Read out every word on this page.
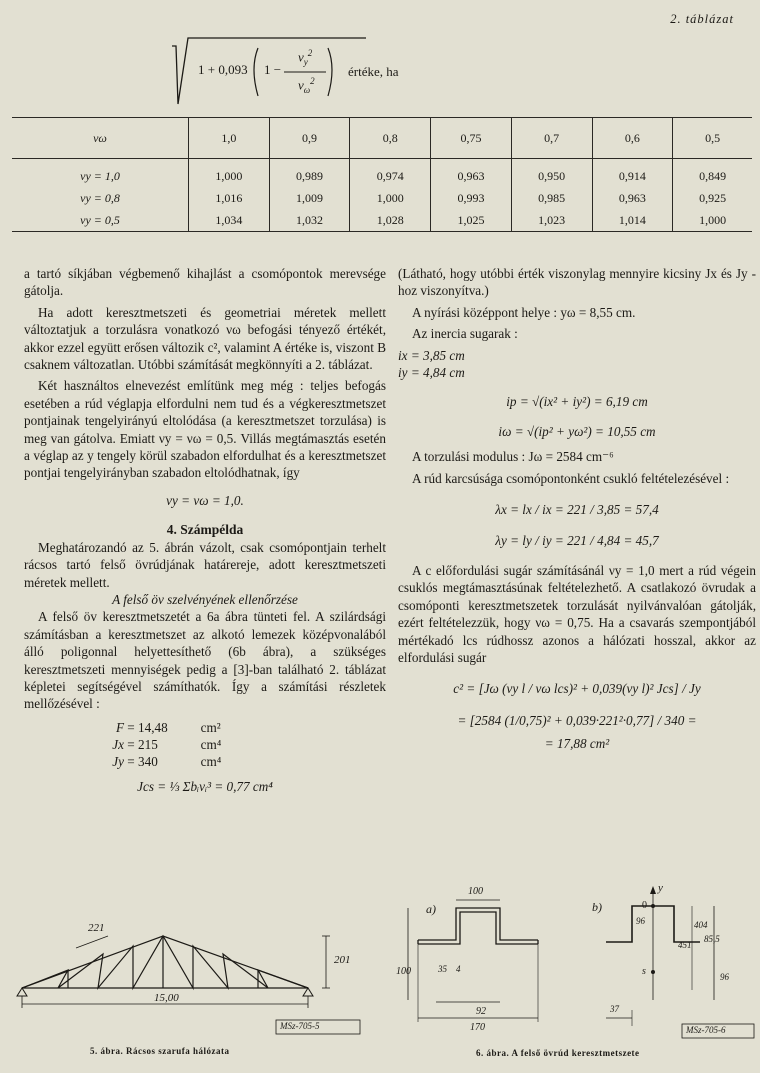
2. táblázat
1 + 0,093 1 −
$\nu_y^2$
$\nu_\omega^2$
értéke, ha
νω	1,0	0,9	0,8	0,75	0,7	0,6	0,5
νy = 1,0	1,000	0,989	0,974	0,963	0,950	0,914	0,849
νy = 0,8	1,016	1,009	1,000	0,993	0,985	0,963	0,925
νy = 0,5	1,034	1,032	1,028	1,025	1,023	1,014	1,000

a tartó síkjában végbemenő kihajlást a csomópontok merevsége gátolja.

Ha adott keresztmetszeti és geometriai méretek mellett változtatjuk a torzulásra vonatkozó νω befogási tényező értékét, akkor ezzel együtt erősen változik c², valamint A értéke is, viszont B csaknem változatlan. Utóbbi számítását megkönnyíti a 2. táblázat.

Két használtos elnevezést említünk meg még : teljes befogás esetében a rúd véglapja elfordulni nem tud és a végkeresztmetszet pontjainak tengelyirányú eltolódása (a keresztmetszet torzulása) is meg van gátolva. Emiatt νy = νω = 0,5. Villás megtámasztás esetén a véglap az y tengely körül szabadon elfordulhat és a keresztmetszet pontjai tengelyirányban szabadon eltolódhatnak, így

νy = νω = 1,0.

4. Számpélda

Meghatározandó az 5. ábrán vázolt, csak csomópontjain terhelt rácsos tartó felső övrúdjának határereje, adott keresztmetszeti méretek mellett.

A felső öv szelvényének ellenőrzése

A felső öv keresztmetszetét a 6a ábra tünteti fel. A szilárdsági számításban a keresztmetszet az alkotó lemezek középvonalából álló poligonnal helyettesíthető (6b ábra), a szükséges keresztmetszeti mennyiségek pedig a [3]-ban található 2. táblázat képletei segítségével számíthatók. Így a számítási részletek mellőzésével :

F = 14,48 cm²
Jx = 215	cm⁴
Jy = 340	cm⁴

Jcs = ⅓ Σbᵢvᵢ³ = 0,77 cm⁴

(Látható, hogy utóbbi érték viszonylag mennyire kicsiny Jx és Jy -hoz viszonyítva.)

A nyírási középpont helye : yω = 8,55 cm.

Az inercia sugarak :

ix = 3,85 cm

iy = 4,84 cm

ip = √(ix² + iy²) = 6,19 cm

iω = √(ip² + yω²) = 10,55 cm

A torzulási modulus : Jω = 2584 cm⁻⁶

A rúd karcsúsága csomópontonként csukló feltételezésével :

λx = lx / ix = 221 / 3,85 = 57,4

λy = ly / iy = 221 / 4,84 = 45,7

A c előfordulási sugár számításánál νy = 1,0 mert a rúd végein csuklós megtámasztásúnak feltételezhető. A csatlakozó övrudak a csomóponti keresztmetszetek torzulását nyilvánvalóan gátolják, ezért feltételezzük, hogy νω = 0,75. Ha a csavarás szempontjából mértékadó lcs rúdhossz azonos a hálózati hosszal, akkor az elfordulási sugár

c² = [Jω (νy l / νω lcs)² + 0,039(νy l)² Jcs] / Jy

= [2584 (1/0,75)² + 0,039·221²·0,77] / 340 =

= 17,88 cm²

221
201
15,00
MSz-705-5
5. ábra. Rácsos szarufa hálózata
a)	b)
100
100	35 4
92
170
y
0
96
451
404
85,5
s	96
37
MSz-705-6
6. ábra. A felső övrúd keresztmetszete
